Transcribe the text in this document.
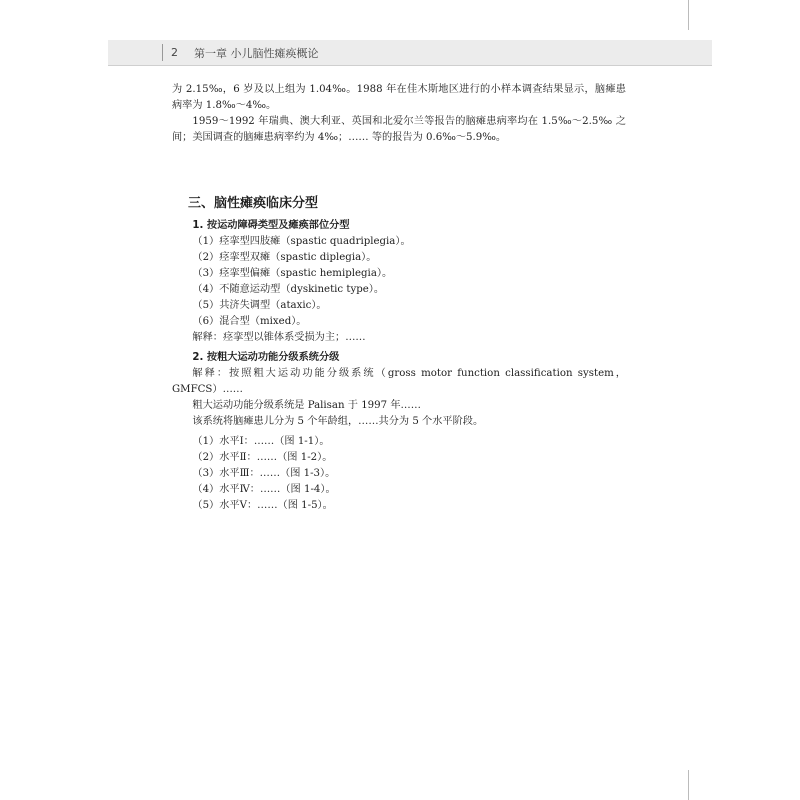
2 第一章 小儿脑性瘫痪概论

为 2.15‰，6 岁及以上组为 1.04‰。1988 年在佳木斯地区进行的小样本调查结果显示，脑瘫患病率为 1.8‰～4‰。

1959～1992 年瑞典、澳大利亚、英国和北爱尔兰等报告的脑瘫患病率均在 1.5‰～2.5‰ 之间；美国调查的脑瘫患病率约为 4‰；…… 等的报告为 0.6‰～5.9‰。

三、脑性瘫痪临床分型

1. 按运动障碍类型及瘫痪部位分型

（1）痉挛型四肢瘫（spastic quadriplegia）。

（2）痉挛型双瘫（spastic diplegia）。

（3）痉挛型偏瘫（spastic hemiplegia）。

（4）不随意运动型（dyskinetic type）。

（5）共济失调型（ataxic）。

（6）混合型（mixed）。

解释：痉挛型以锥体系受损为主；……

2. 按粗大运动功能分级系统分级

解释：按照粗大运动功能分级系统（gross motor function classification system，GMFCS）……

粗大运动功能分级系统是 Palisan 于 1997 年……

该系统将脑瘫患儿分为 5 个年龄组，……共分为 5 个水平阶段。

（1）水平Ⅰ：……（图 1-1）。

（2）水平Ⅱ：……（图 1-2）。

（3）水平Ⅲ：……（图 1-3）。

（4）水平Ⅳ：……（图 1-4）。

（5）水平Ⅴ：……（图 1-5）。
